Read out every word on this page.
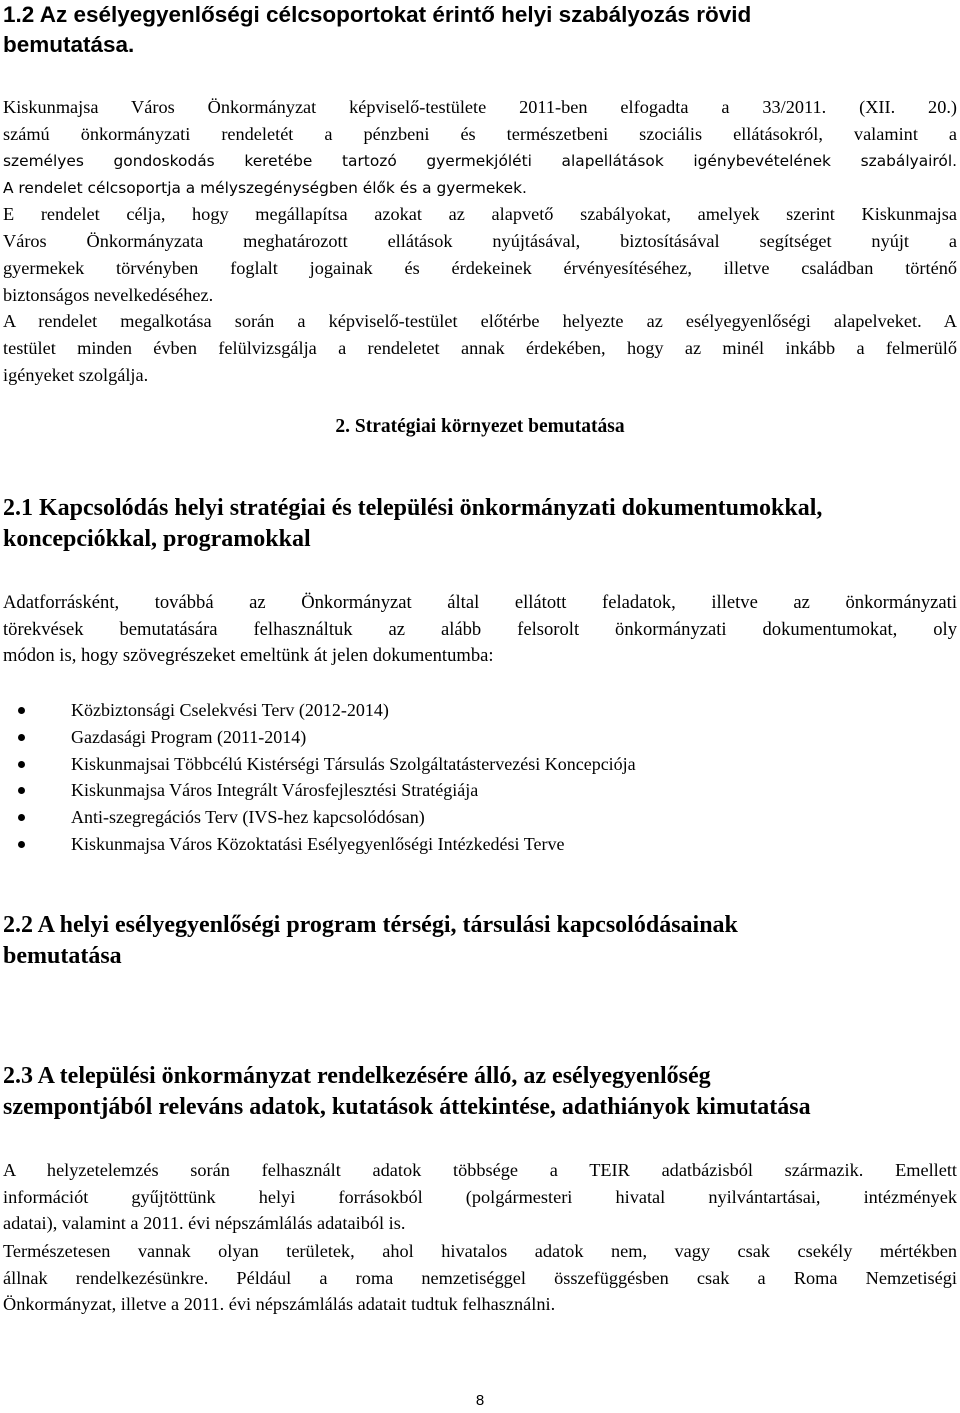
1.2 Az esélyegyenlőségi célcsoportokat érintő helyi szabályozás rövid
bemutatása.

Kiskunmajsa Város Önkormányzat képviselő-testülete 2011-ben elfogadta a 33/2011. (XII. 20.)
számú önkormányzati rendeletét a pénzbeni és természetbeni szociális ellátásokról, valamint a
személyes gondoskodás keretébe tartozó gyermekjóléti alapellátások igénybevételének szabályairól.
A rendelet célcsoportja a mélyszegénységben élők és a gyermekek.

E rendelet célja, hogy megállapítsa azokat az alapvető szabályokat, amelyek szerint Kiskunmajsa
Város Önkormányzata meghatározott ellátások nyújtásával, biztosításával segítséget nyújt a
gyermekek törvényben foglalt jogainak és érdekeinek érvényesítéséhez, illetve családban történő
biztonságos nevelkedéséhez.

A rendelet megalkotása során a képviselő-testület előtérbe helyezte az esélyegyenlőségi alapelveket. A
testület minden évben felülvizsgálja a rendeletet annak érdekében, hogy az minél inkább a felmerülő
igényeket szolgálja.

2. Stratégiai környezet bemutatása
2.1 Kapcsolódás helyi stratégiai és települési önkormányzati dokumentumokkal,
koncepciókkal, programokkal

Adatforrásként, továbbá az Önkormányzat által ellátott feladatok, illetve az önkormányzati
törekvések bemutatására felhasználtuk az alább felsorolt önkormányzati dokumentumokat, oly
módon is, hogy szövegrészeket emeltünk át jelen dokumentumba:

Közbiztonsági Cselekvési Terv (2012-2014)
Gazdasági Program (2011-2014)
Kiskunmajsai Többcélú Kistérségi Társulás Szolgáltatástervezési Koncepciója
Kiskunmajsa Város Integrált Városfejlesztési Stratégiája
Anti-szegregációs Terv (IVS-hez kapcsolódósan)
Kiskunmajsa Város Közoktatási Esélyegyenlőségi Intézkedési Terve
2.2 A helyi esélyegyenlőségi program térségi, társulási kapcsolódásainak
bemutatása
2.3 A települési önkormányzat rendelkezésére álló, az esélyegyenlőség
szempontjából releváns adatok, kutatások áttekintése, adathiányok kimutatása

A helyzetelemzés során felhasznált adatok többsége a TEIR adatbázisból származik. Emellett
információt gyűjtöttünk helyi forrásokból (polgármesteri hivatal nyilvántartásai, intézmények
adatai), valamint a 2011. évi népszámlálás adataiból is.

Természetesen vannak olyan területek, ahol hivatalos adatok nem, vagy csak csekély mértékben
állnak rendelkezésünkre. Például a roma nemzetiséggel összefüggésben csak a Roma Nemzetiségi
Önkormányzat, illetve a 2011. évi népszámlálás adatait tudtuk felhasználni.

8
